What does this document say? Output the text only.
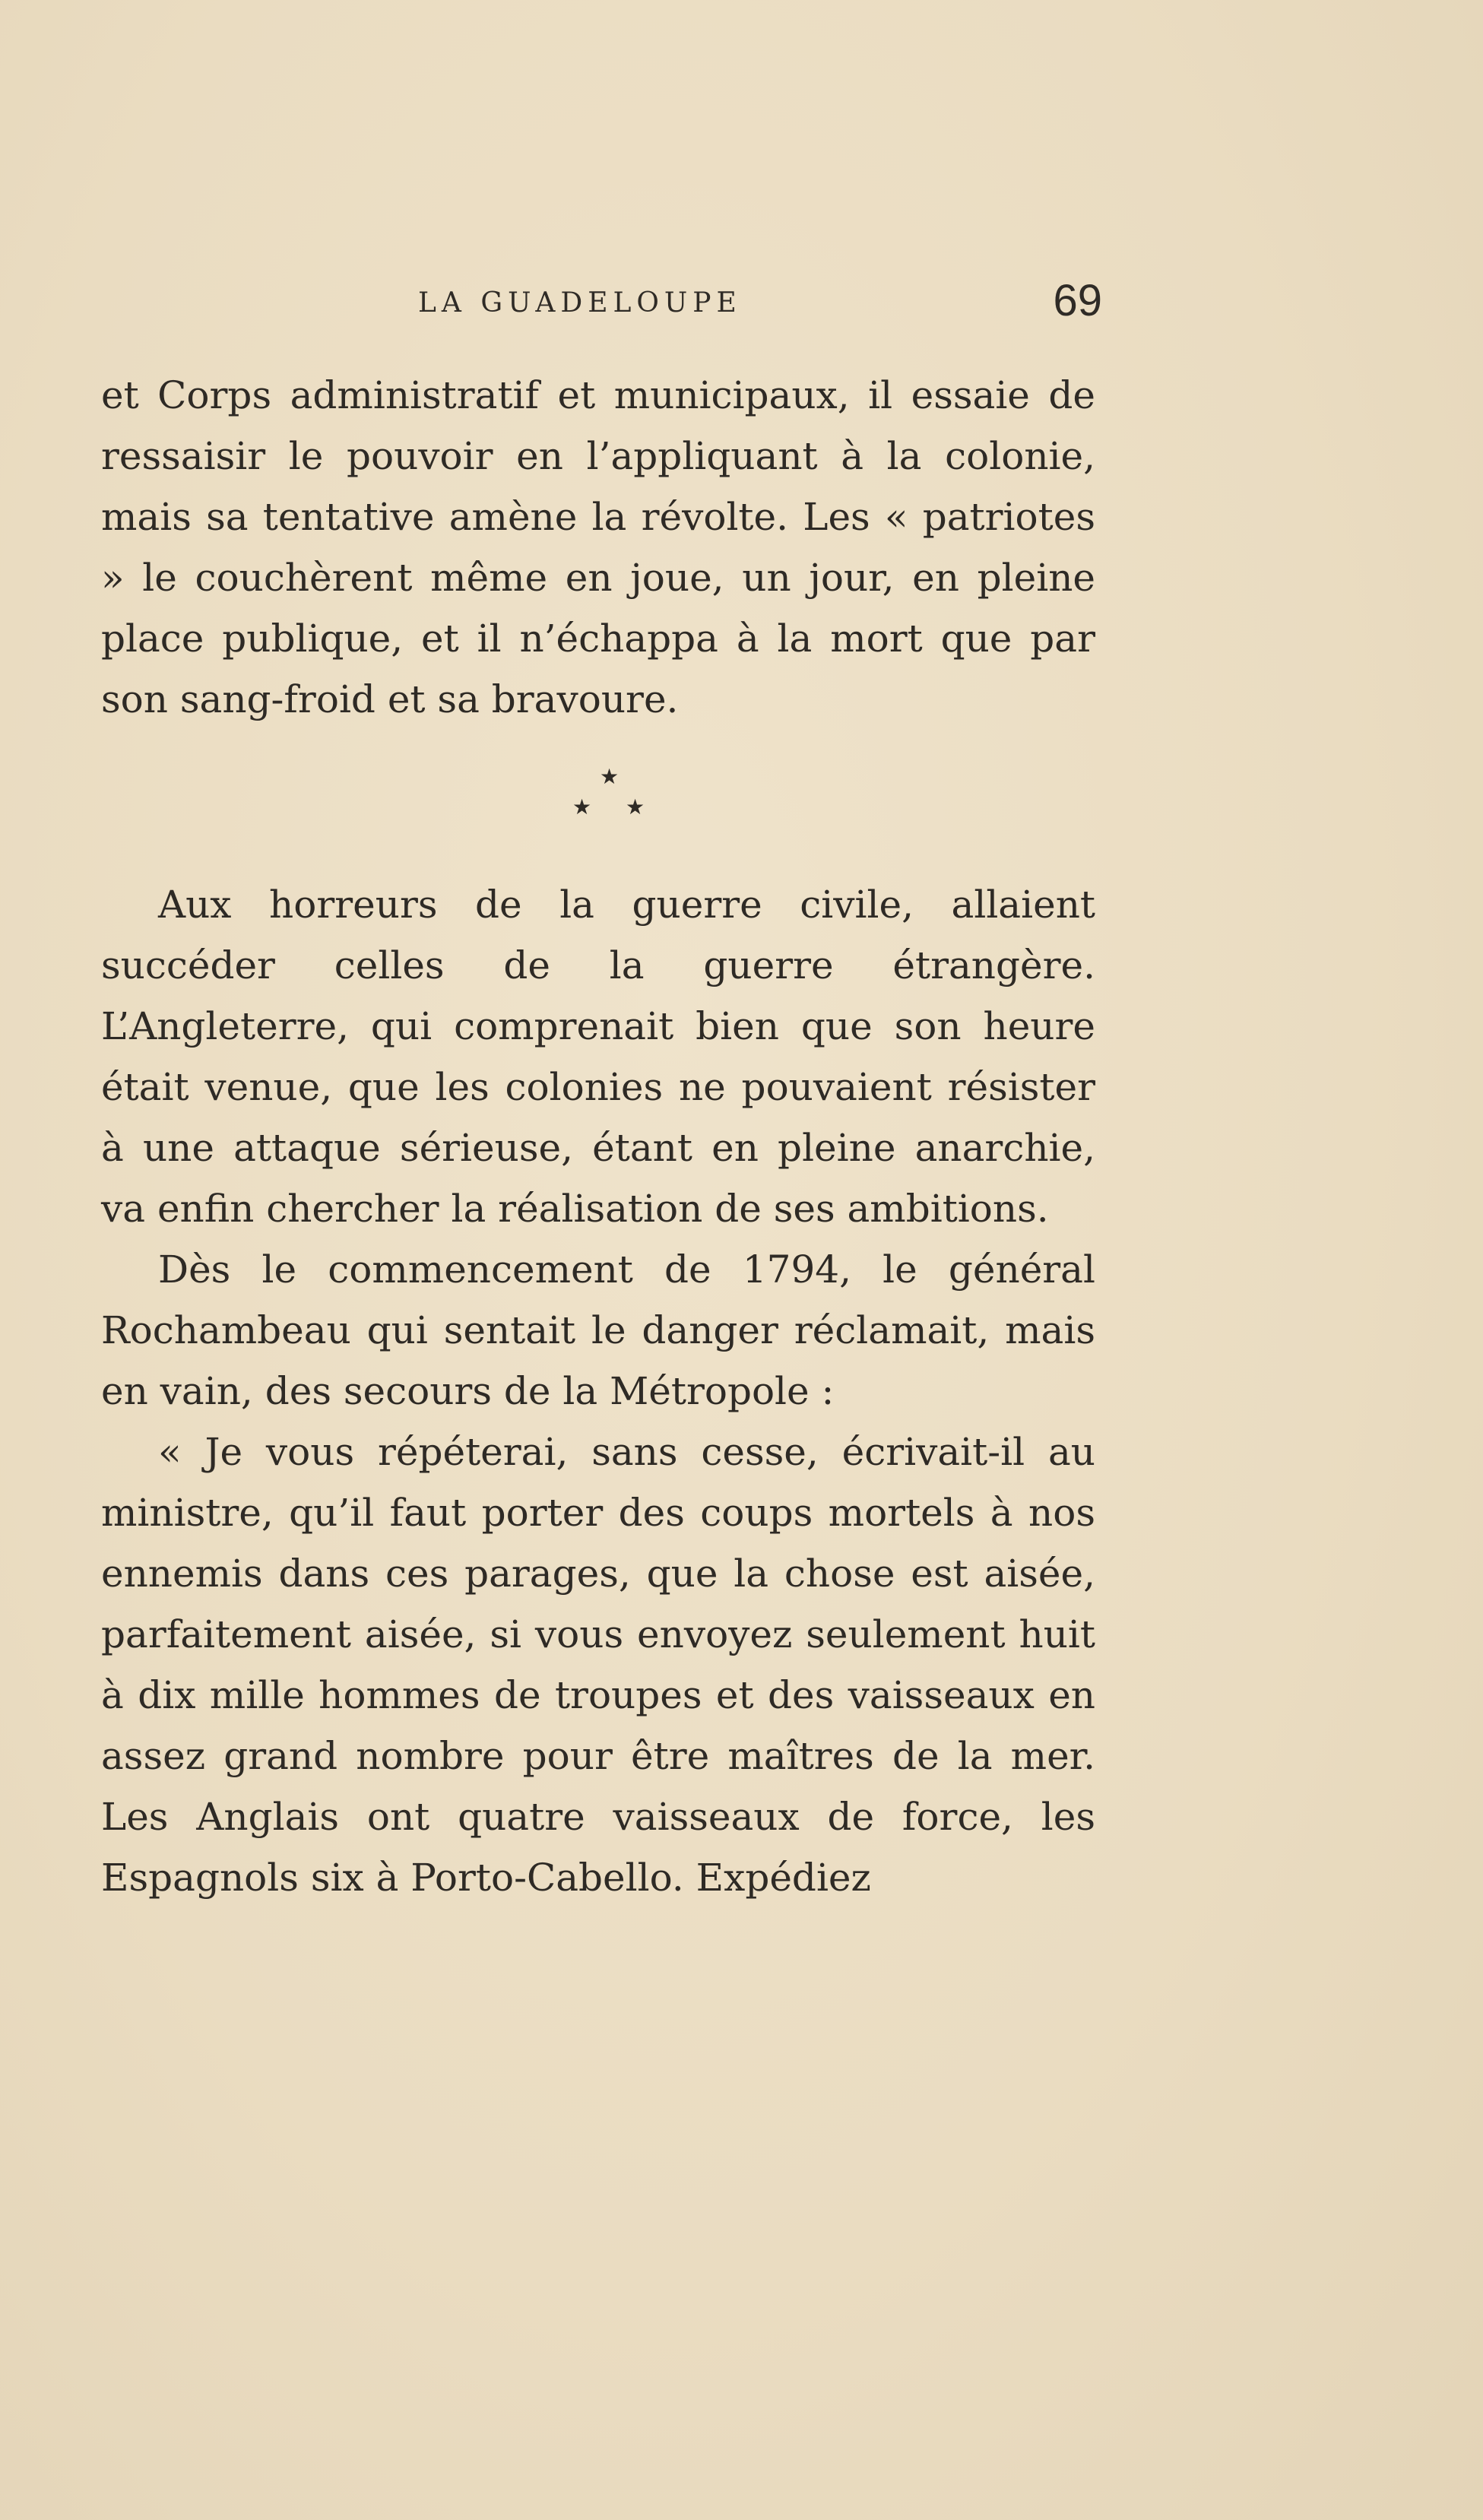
LA GUADELOUPE	69

et Corps administratif et municipaux, il essaie de ressaisir le pouvoir en l’appliquant à la colonie, mais sa tentative amène la révolte. Les « patriotes » le couchèrent même en joue, un jour, en pleine place publique, et il n’échappa à la mort que par son sang-froid et sa bravoure.

★
★ ★

Aux horreurs de la guerre civile, allaient succéder celles de la guerre étrangère. L’Angleterre, qui comprenait bien que son heure était venue, que les colonies ne pouvaient résister à une attaque sérieuse, étant en pleine anarchie, va enfin chercher la réalisation de ses ambitions.

Dès le commencement de 1794, le général Rochambeau qui sentait le danger réclamait, mais en vain, des secours de la Métropole :

« Je vous répéterai, sans cesse, écrivait-il au ministre, qu’il faut porter des coups mortels à nos ennemis dans ces parages, que la chose est aisée, parfaitement aisée, si vous envoyez seulement huit à dix mille hommes de troupes et des vaisseaux en assez grand nombre pour être maîtres de la mer. Les Anglais ont quatre vaisseaux de force, les Espagnols six à Porto-Cabello. Expédiez
